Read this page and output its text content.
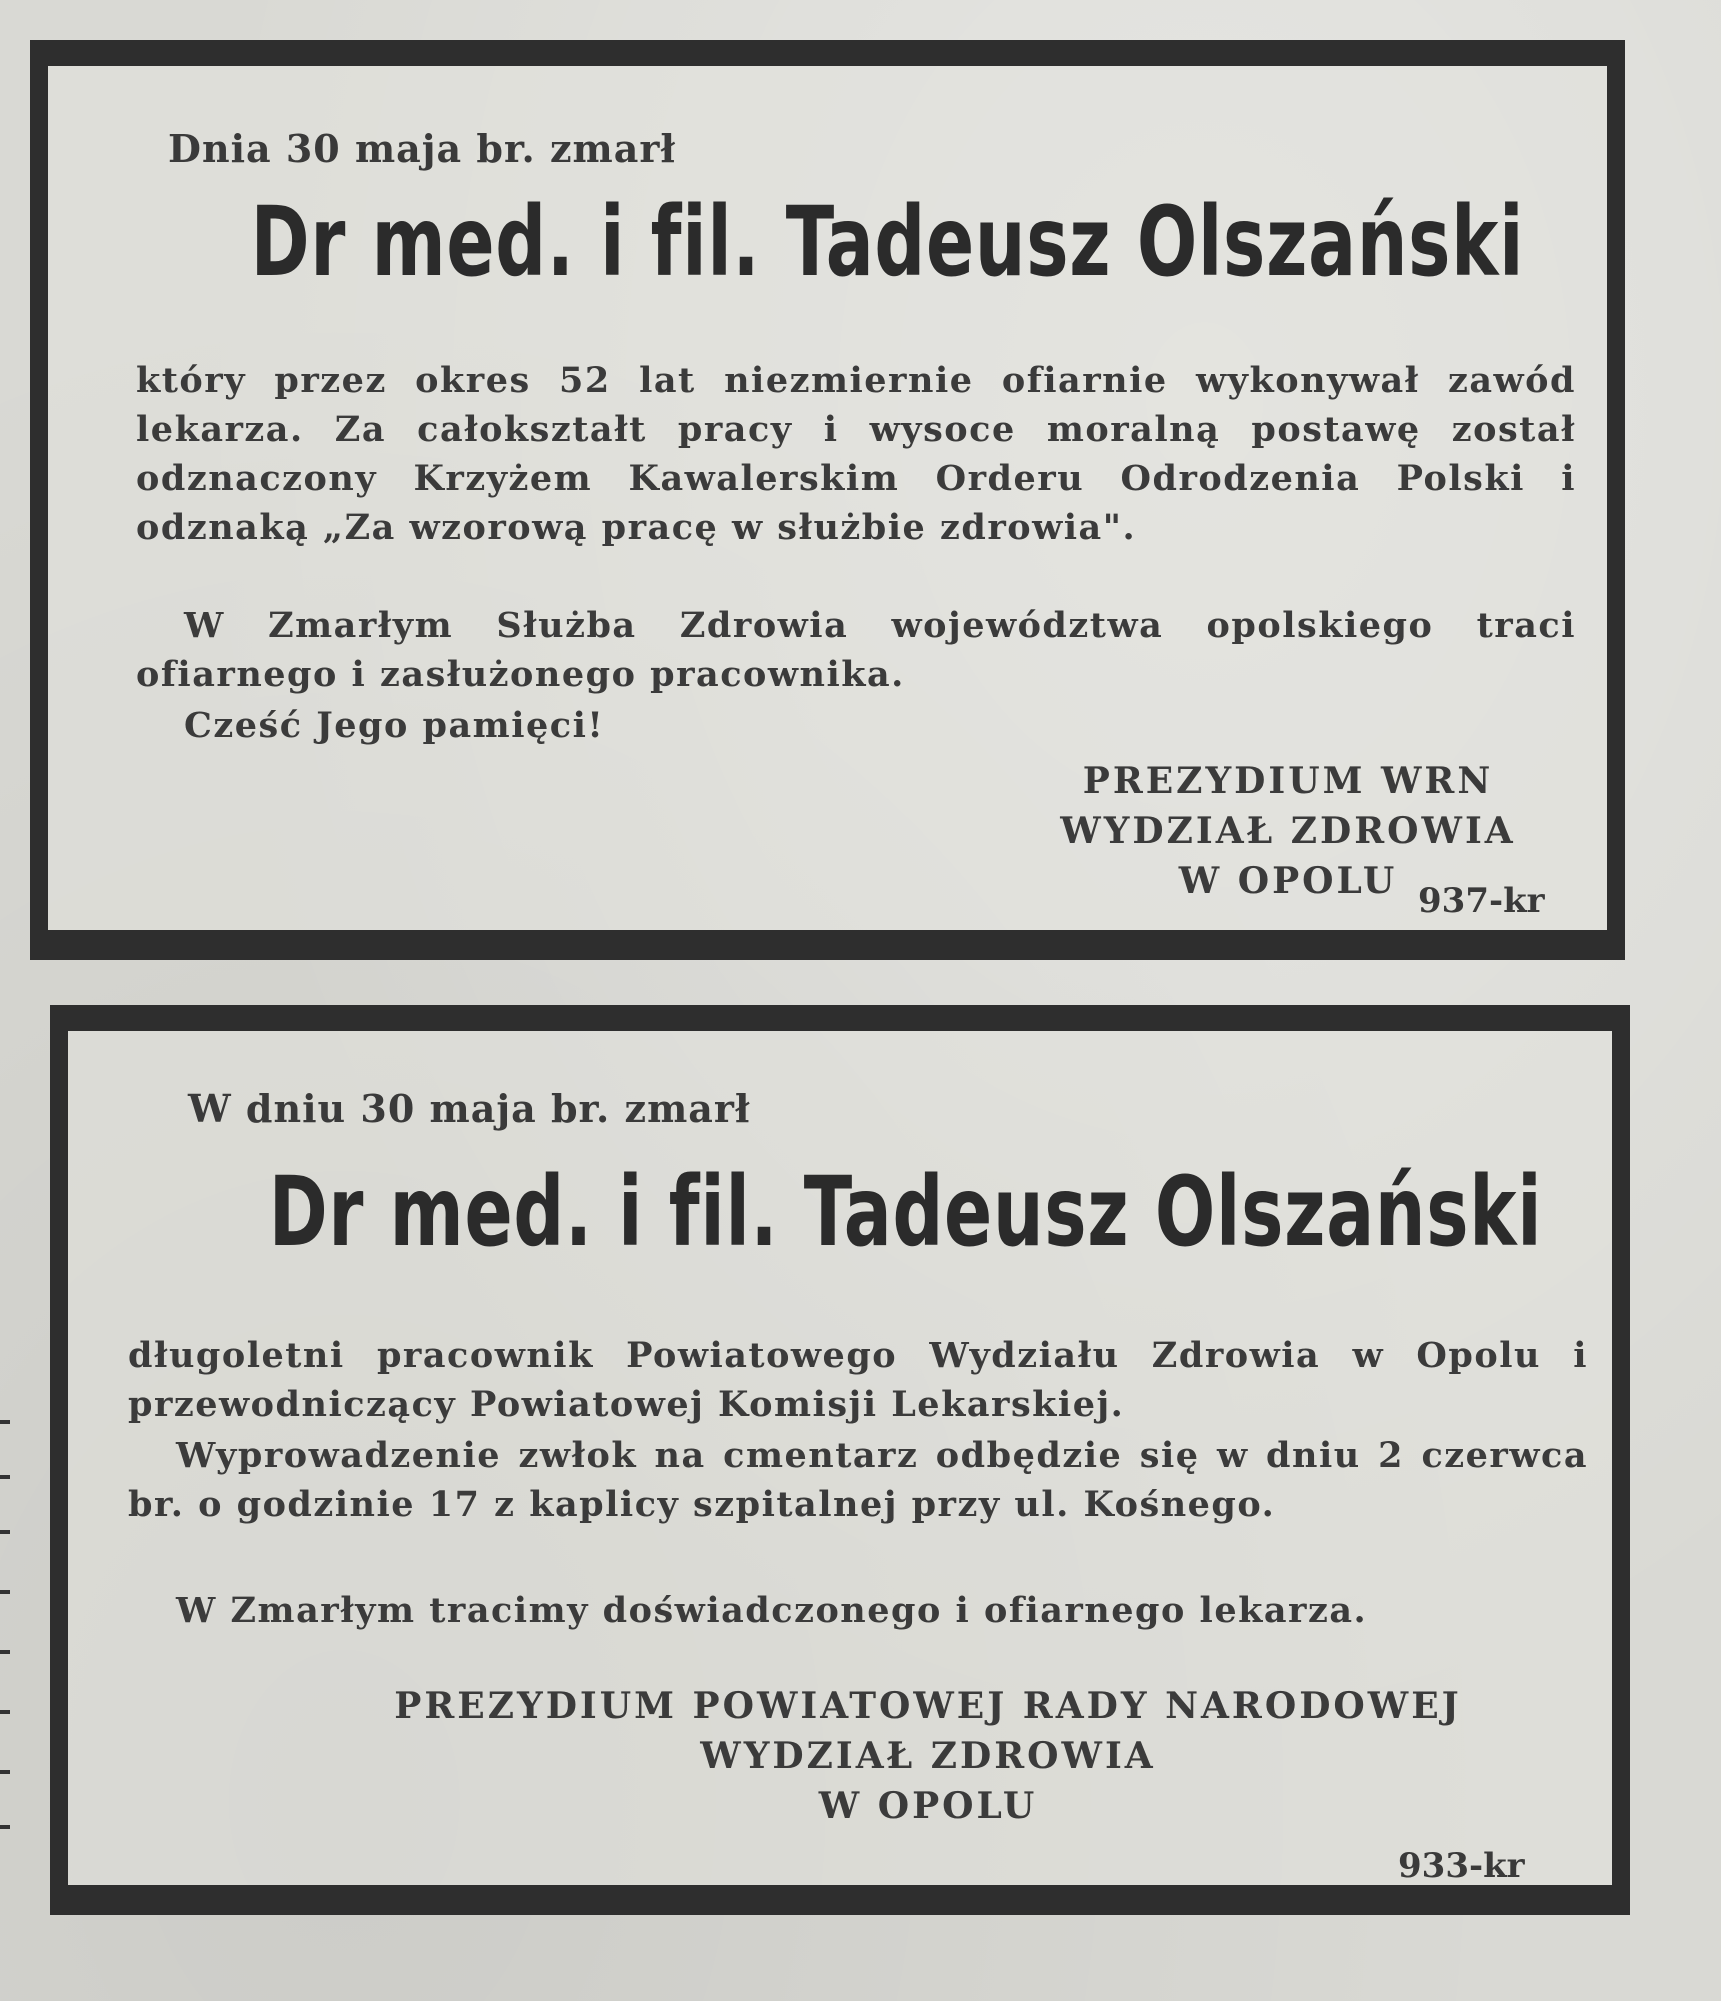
Dnia 30 maja br. zmarł
Dr med. i fil. Tadeusz Olszański

który przez okres 52 lat niezmiernie ofiarnie wykonywał zawód lekarza. Za całokształt pracy i wysoce moralną postawę został odznaczony Krzyżem Kawalerskim Orderu Odrodzenia Polski i odznaką „Za wzorową pracę w służbie zdrowia".

W Zmarłym Służba Zdrowia województwa opolskiego traci ofiarnego i zasłużonego pracownika.

Cześć Jego pamięci!

PREZYDIUM WRN
WYDZIAŁ ZDROWIA
W OPOLU 937-kr
W dniu 30 maja br. zmarł
Dr med. i fil. Tadeusz Olszański

długoletni pracownik Powiatowego Wydziału Zdrowia w Opolu i przewodniczący Powiatowej Komisji Lekarskiej.

Wyprowadzenie zwłok na cmentarz odbędzie się w dniu 2 czerwca br. o godzinie 17 z kaplicy szpitalnej przy ul. Kośnego.

W Zmarłym tracimy doświadczonego i ofiarnego lekarza.

PREZYDIUM POWIATOWEJ RADY NARODOWEJ
WYDZIAŁ ZDROWIA
W OPOLU
933-kr
